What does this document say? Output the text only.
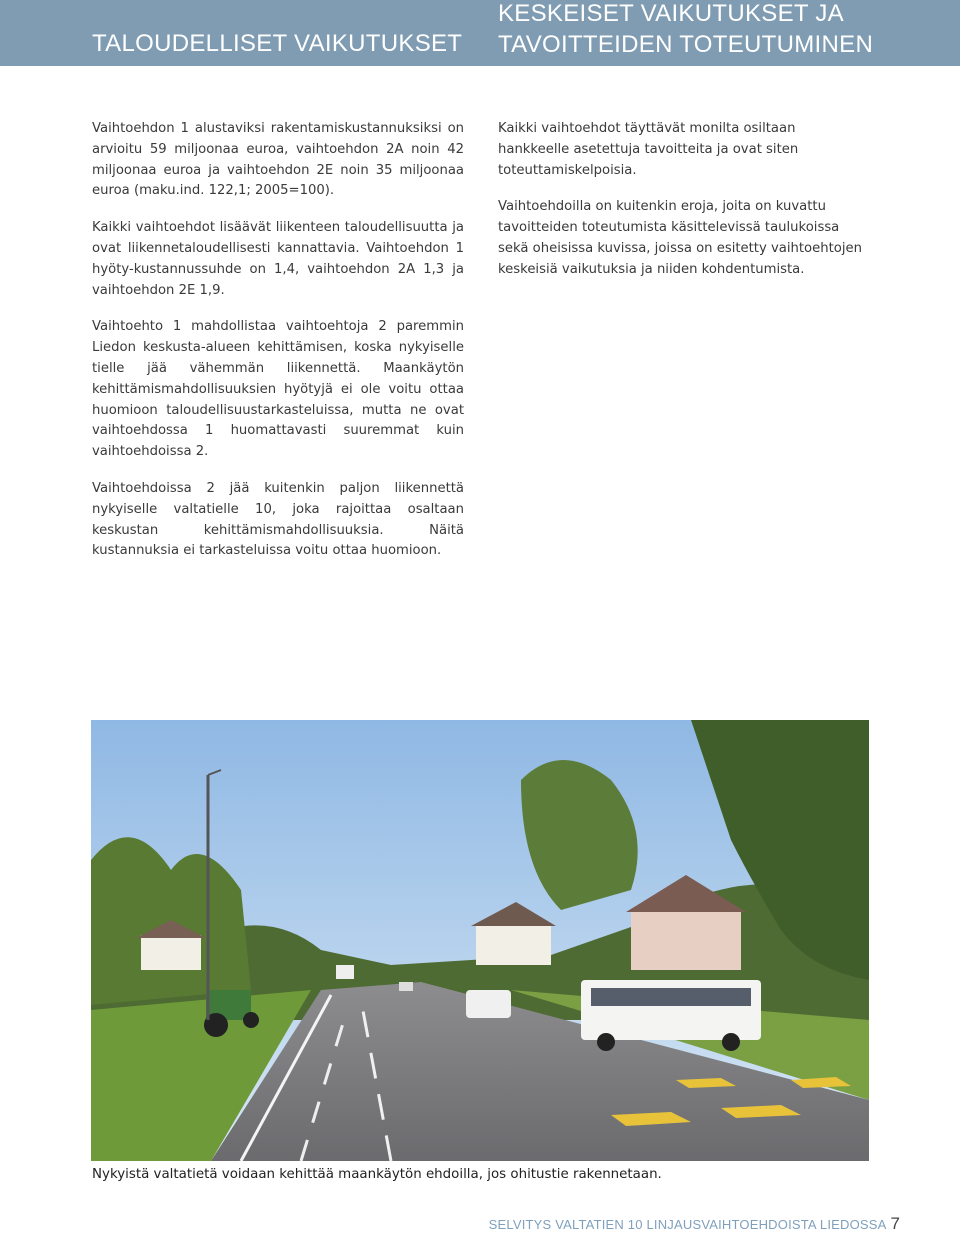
TALOUDELLISET VAIKUTUKSET
KESKEISET VAIKUTUKSET JA
TAVOITTEIDEN TOTEUTUMINEN

Vaihtoehdon 1 alustaviksi rakentamiskustannuksiksi on arvioitu 59 miljoonaa euroa, vaihtoehdon 2A noin 42 miljoonaa euroa ja vaihtoehdon 2E noin 35 miljoonaa euroa (maku.ind. 122,1; 2005=100).

Kaikki vaihtoehdot lisäävät liikenteen taloudellisuutta ja ovat liikennetaloudellisesti kannattavia. Vaihtoehdon 1 hyöty-kustannussuhde on 1,4, vaihtoehdon 2A 1,3 ja vaihtoehdon 2E 1,9.

Vaihtoehto 1 mahdollistaa vaihtoehtoja 2 paremmin Liedon keskusta-alueen kehittämisen, koska nykyiselle tielle jää vähemmän liikennettä. Maankäytön kehittämismahdollisuuksien hyötyjä ei ole voitu ottaa huomioon taloudellisuustarkasteluissa, mutta ne ovat vaihtoehdossa 1 huomattavasti suuremmat kuin vaihtoehdoissa 2.

Vaihtoehdoissa 2 jää kuitenkin paljon liikennettä nykyiselle valtatielle 10, joka rajoittaa osaltaan keskustan kehittämismahdollisuuksia. Näitä kustannuksia ei tarkasteluissa voitu ottaa huomioon.

Kaikki vaihtoehdot täyttävät monilta osiltaan hankkeelle asetettuja tavoitteita ja ovat siten toteuttamiskelpoisia.

Vaihtoehdoilla on kuitenkin eroja, joita on kuvattu tavoitteiden toteutumista käsittelevissä taulukoissa sekä oheisissa kuvissa, joissa on esitetty vaihtoehtojen keskeisiä vaikutuksia ja niiden kohdentumista.

Nykyistä valtatietä voidaan kehittää maankäytön ehdoilla, jos ohitustie rakennetaan.
SELVITYS VALTATIEN 10 LINJAUSVAIHTOEHDOISTA LIEDOSSA 7
